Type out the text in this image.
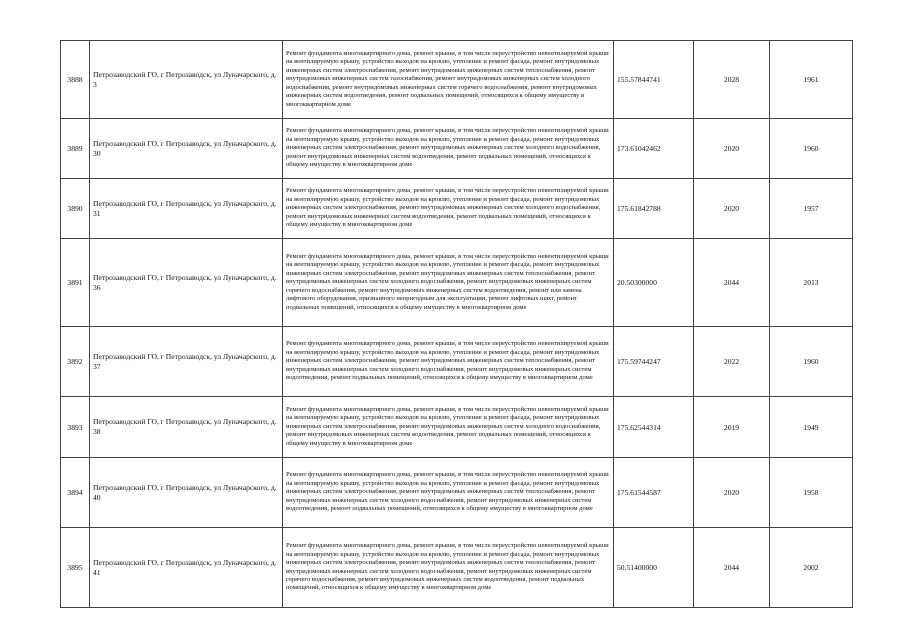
3888	Петрозаводский ГО, г Петрозаводск, ул Луначарского, д. 3	Ремонт фундамента многоквартирного дома, ремонт крыши, в том числе переустройство невентилируемой крыши на вентилируемую крышу, устройство выходов на кровлю, утепление и ремонт фасада, ремонт внутридомовых инженерных систем электроснабжения, ремонт внутридомовых инженерных систем теплоснабжения, ремонт внутридомовых инженерных систем газоснабжения, ремонт внутридомовых инженерных систем холодного водоснабжения, ремонт внутридомовых инженерных систем горячего водоснабжения, ремонт внутридомовых инженерных систем водоотведения, ремонт подвальных помещений, относящихся к общему имуществу в многоквартирном доме	155.57844741	2028	1961
3889	Петрозаводский ГО, г Петрозаводск, ул Луначарского, д. 30	Ремонт фундамента многоквартирного дома, ремонт крыши, в том числе переустройство невентилируемой крыши на вентилируемую крышу, устройство выходов на кровлю, утепление и ремонт фасада, ремонт внутридомовых инженерных систем электроснабжения, ремонт внутридомовых инженерных систем холодного водоснабжения, ремонт внутридомовых инженерных систем водоотведения, ремонт подвальных помещений, относящихся к общему имуществу в многоквартирном доме	173.61042462	2020	1960
3890	Петрозаводский ГО, г Петрозаводск, ул Луначарского, д. 31	Ремонт фундамента многоквартирного дома, ремонт крыши, в том числе переустройство невентилируемой крыши на вентилируемую крышу, устройство выходов на кровлю, утепление и ремонт фасада, ремонт внутридомовых инженерных систем электроснабжения, ремонт внутридомовых инженерных систем холодного водоснабжения, ремонт внутридомовых инженерных систем водоотведения, ремонт подвальных помещений, относящихся к общему имуществу в многоквартирном доме	175.61842788	2020	1957
3891	Петрозаводский ГО, г Петрозаводск, ул Луначарского, д. 36	Ремонт фундамента многоквартирного дома, ремонт крыши, в том числе переустройство невентилируемой крыши на вентилируемую крышу, устройство выходов на кровлю, утепление и ремонт фасада, ремонт внутридомовых инженерных систем электроснабжения, ремонт внутридомовых инженерных систем теплоснабжения, ремонт внутридомовых инженерных систем холодного водоснабжения, ремонт внутридомовых инженерных систем горячего водоснабжения, ремонт внутридомовых инженерных систем водоотведения, ремонт или замена лифтового оборудования, признанного непригодным для эксплуатации, ремонт лифтовых шахт, ремонт подвальных помещений, относящихся к общему имуществу в многоквартирном доме	20.50300000	2044	2013
3892	Петрозаводский ГО, г Петрозаводск, ул Луначарского, д. 37	Ремонт фундамента многоквартирного дома, ремонт крыши, в том числе переустройство невентилируемой крыши на вентилируемую крышу, устройство выходов на кровлю, утепление и ремонт фасада, ремонт внутридомовых инженерных систем электроснабжения, ремонт внутридомовых инженерных систем теплоснабжения, ремонт внутридомовых инженерных систем холодного водоснабжения, ремонт внутридомовых инженерных систем водоотведения, ремонт подвальных помещений, относящихся к общему имуществу в многоквартирном доме	175.59744247	2022	1960
3893	Петрозаводский ГО, г Петрозаводск, ул Луначарского, д. 38	Ремонт фундамента многоквартирного дома, ремонт крыши, в том числе переустройство невентилируемой крыши на вентилируемую крышу, устройство выходов на кровлю, утепление и ремонт фасада, ремонт внутридомовых инженерных систем электроснабжения, ремонт внутридомовых инженерных систем холодного водоснабжения, ремонт внутридомовых инженерных систем водоотведения, ремонт подвальных помещений, относящихся к общему имуществу в многоквартирном доме	175.62544314	2019	1949
3894	Петрозаводский ГО, г Петрозаводск, ул Луначарского, д. 40	Ремонт фундамента многоквартирного дома, ремонт крыши, в том числе переустройство невентилируемой крыши на вентилируемую крышу, устройство выходов на кровлю, утепление и ремонт фасада, ремонт внутридомовых инженерных систем электроснабжения, ремонт внутридомовых инженерных систем теплоснабжения, ремонт внутридомовых инженерных систем холодного водоснабжения, ремонт внутридомовых инженерных систем водоотведения, ремонт подвальных помещений, относящихся к общему имуществу в многоквартирном доме	175.61544587	2020	1958
3895	Петрозаводский ГО, г Петрозаводск, ул Луначарского, д. 41	Ремонт фундамента многоквартирного дома, ремонт крыши, в том числе переустройство невентилируемой крыши на вентилируемую крышу, устройство выходов на кровлю, утепление и ремонт фасада, ремонт внутридомовых инженерных систем электроснабжения, ремонт внутридомовых инженерных систем теплоснабжения, ремонт внутридомовых инженерных систем холодного водоснабжения, ремонт внутридомовых инженерных систем горячего водоснабжения, ремонт внутридомовых инженерных систем водоотведения, ремонт подвальных помещений, относящихся к общему имуществу в многоквартирном доме	50.51400000	2044	2002
